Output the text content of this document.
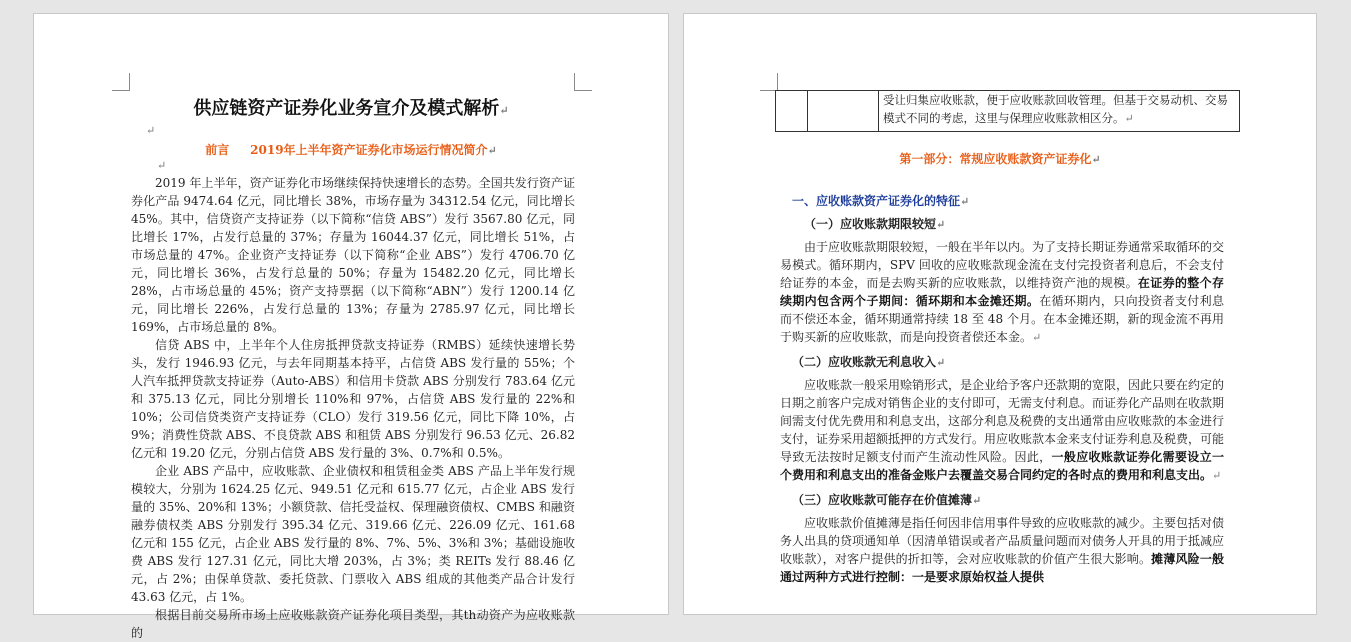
供应链资产证券化业务宣介及模式解析↵
↵
前言 2019年上半年资产证券化市场运行情况简介↵
↵

2019 年上半年，资产证券化市场继续保持快速增长的态势。全国共发行资产证券化产品 9474.64 亿元，同比增长 38%，市场存量为 34312.54 亿元，同比增长 45%。其中，信贷资产支持证券（以下简称“信贷 ABS”）发行 3567.80 亿元，同比增长 17%，占发行总量的 37%；存量为 16044.37 亿元，同比增长 51%，占市场总量的 47%。企业资产支持证券（以下简称“企业 ABS”）发行 4706.70 亿元，同比增长 36%，占发行总量的 50%；存量为 15482.20 亿元，同比增长 28%，占市场总量的 45%；资产支持票据（以下简称“ABN”）发行 1200.14 亿元，同比增长 226%，占发行总量的 13%；存量为 2785.97 亿元，同比增长 169%，占市场总量的 8%。

信贷 ABS 中，上半年个人住房抵押贷款支持证券（RMBS）延续快速增长势头，发行 1946.93 亿元，与去年同期基本持平，占信贷 ABS 发行量的 55%；个人汽车抵押贷款支持证券（Auto-ABS）和信用卡贷款 ABS 分别发行 783.64 亿元和 375.13 亿元，同比分别增长 110%和 97%，占信贷 ABS 发行量的 22%和 10%；公司信贷类资产支持证券（CLO）发行 319.56 亿元，同比下降 10%，占 9%；消费性贷款 ABS、不良贷款 ABS 和租赁 ABS 分别发行 96.53 亿元、26.82 亿元和 19.20 亿元，分别占信贷 ABS 发行量的 3%、0.7%和 0.5%。

企业 ABS 产品中，应收账款、企业债权和租赁租金类 ABS 产品上半年发行规模较大，分别为 1624.25 亿元、949.51 亿元和 615.77 亿元，占企业 ABS 发行量的 35%、20%和 13%；小额贷款、信托受益权、保理融资债权、CMBS 和融资融券债权类 ABS 分别发行 395.34 亿元、319.66 亿元、226.09 亿元、161.68 亿元和 155 亿元，占企业 ABS 发行量的 8%、7%、5%、3%和 3%；基础设施收费 ABS 发行 127.31 亿元，同比大增 203%，占 3%；类 REITs 发行 88.46 亿元，占 2%；由保单贷款、委托贷款、门票收入 ABS 组成的其他类产品合计发行 43.63 亿元，占 1%。

根据目前交易所市场上应收账款资产证券化项目类型，其th动资产为应收账款的

受让归集应收账款，便于应收账款回收管理。但基于交易动机、交易模式不同的考虑，这里与保理应收账款相区分。↵
第一部分：常规应收账款资产证券化↵
一、应收账款资产证券化的特征↵
（一）应收账款期限较短↵

由于应收账款期限较短，一般在半年以内。为了支持长期证券通常采取循环的交易模式。循环期内，SPV 回收的应收账款现金流在支付完投资者利息后，不会支付给证券的本金，而是去购买新的应收账款，以维持资产池的规模。在证券的整个存续期内包含两个子期间：循环期和本金摊还期。在循环期内，只向投资者支付利息而不偿还本金，循环期通常持续 18 至 48 个月。在本金摊还期，新的现金流不再用于购买新的应收账款，而是向投资者偿还本金。↵

（二）应收账款无利息收入↵

应收账款一般采用赊销形式，是企业给予客户还款期的宽限，因此只要在约定的日期之前客户完成对销售企业的支付即可，无需支付利息。而证券化产品则在收款期间需支付优先费用和利息支出，这部分利息及税费的支出通常由应收账款的本金进行支付，证券采用超额抵押的方式发行。用应收账款本金来支付证券利息及税费，可能导致无法按时足额支付而产生流动性风险。因此，一般应收账款证券化需要设立一个费用和利息支出的准备金账户去覆盖交易合同约定的各时点的费用和利息支出。↵

（三）应收账款可能存在价值摊薄↵

应收账款价值摊薄是指任何因非信用事件导致的应收账款的减少。主要包括对债务人出具的贷项通知单（因清单错误或者产品质量问题而对债务人开具的用于抵减应收账款），对客户提供的折扣等，会对应收账款的价值产生很大影响。摊薄风险一般通过两种方式进行控制：一是要求原始权益人提供
